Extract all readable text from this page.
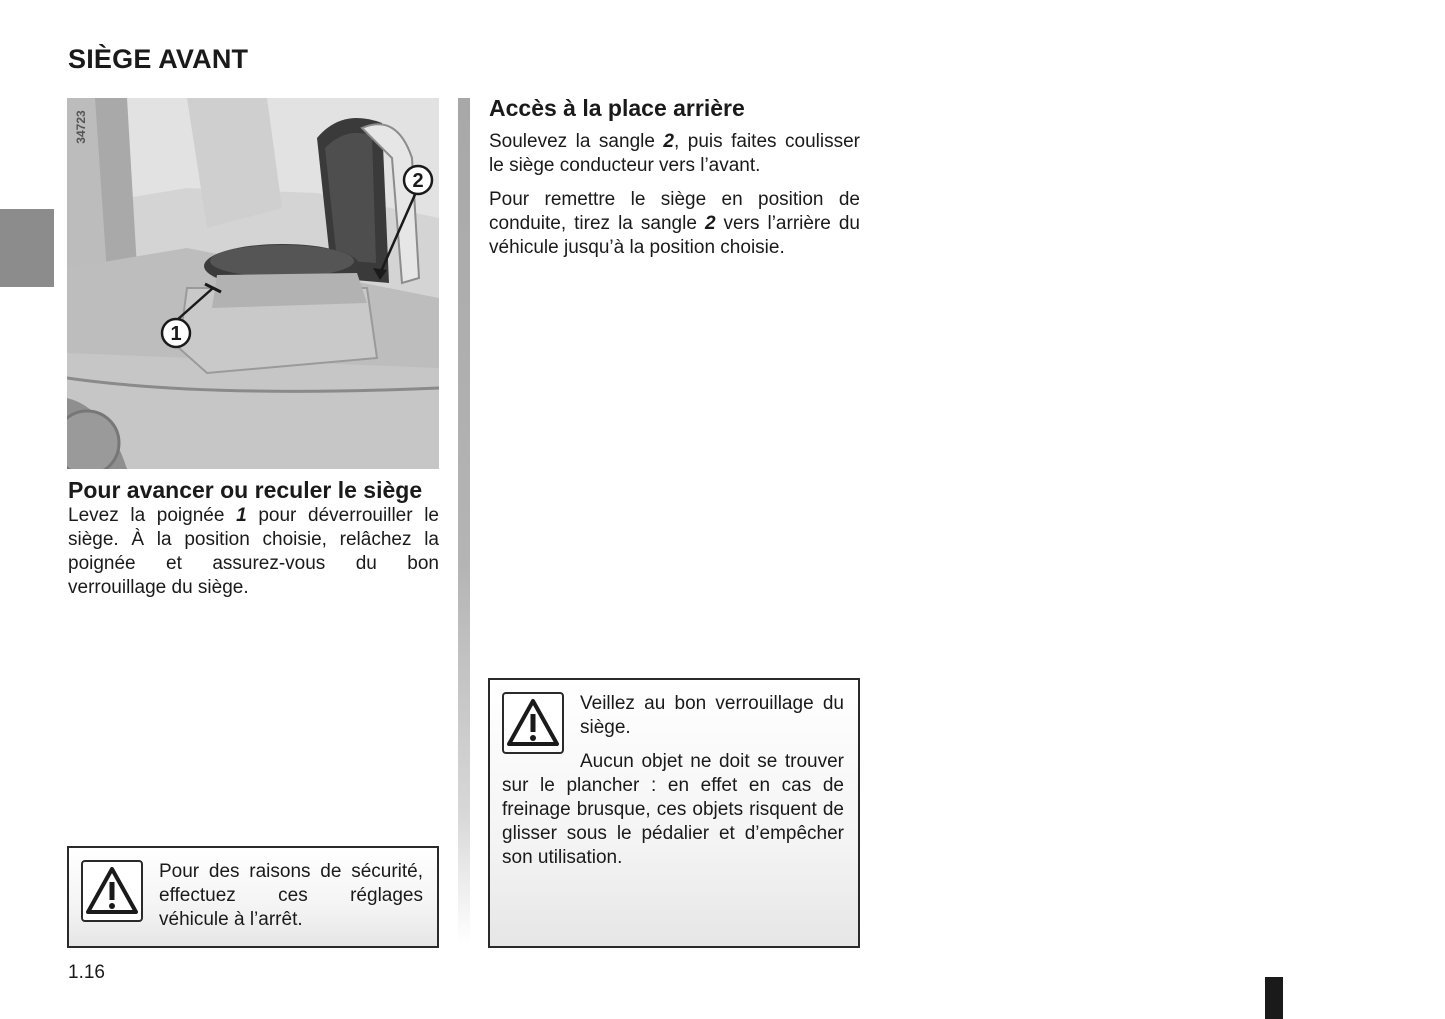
SIÈGE AVANT
1
2
34723
Pour avancer ou reculer le siège

Levez la poignée 1 pour déverrouiller le siège. À la position choisie, relâchez la poignée et assurez-vous du bon verrouillage du siège.

Pour des raisons de sécurité, effectuez ces réglages véhicule à l’arrêt.

Accès à la place arrière

Soulevez la sangle 2, puis faites coulisser le siège conducteur vers l’avant.

Pour remettre le siège en position de conduite, tirez la sangle 2 vers l’arrière du véhicule jusqu’à la position choisie.

Veillez au bon verrouillage du siège.

Aucun objet ne doit se trouver sur le plancher : en effet en cas de freinage brusque, ces objets risquent de glisser sous le pédalier et d’empêcher son utilisation.

1.16
